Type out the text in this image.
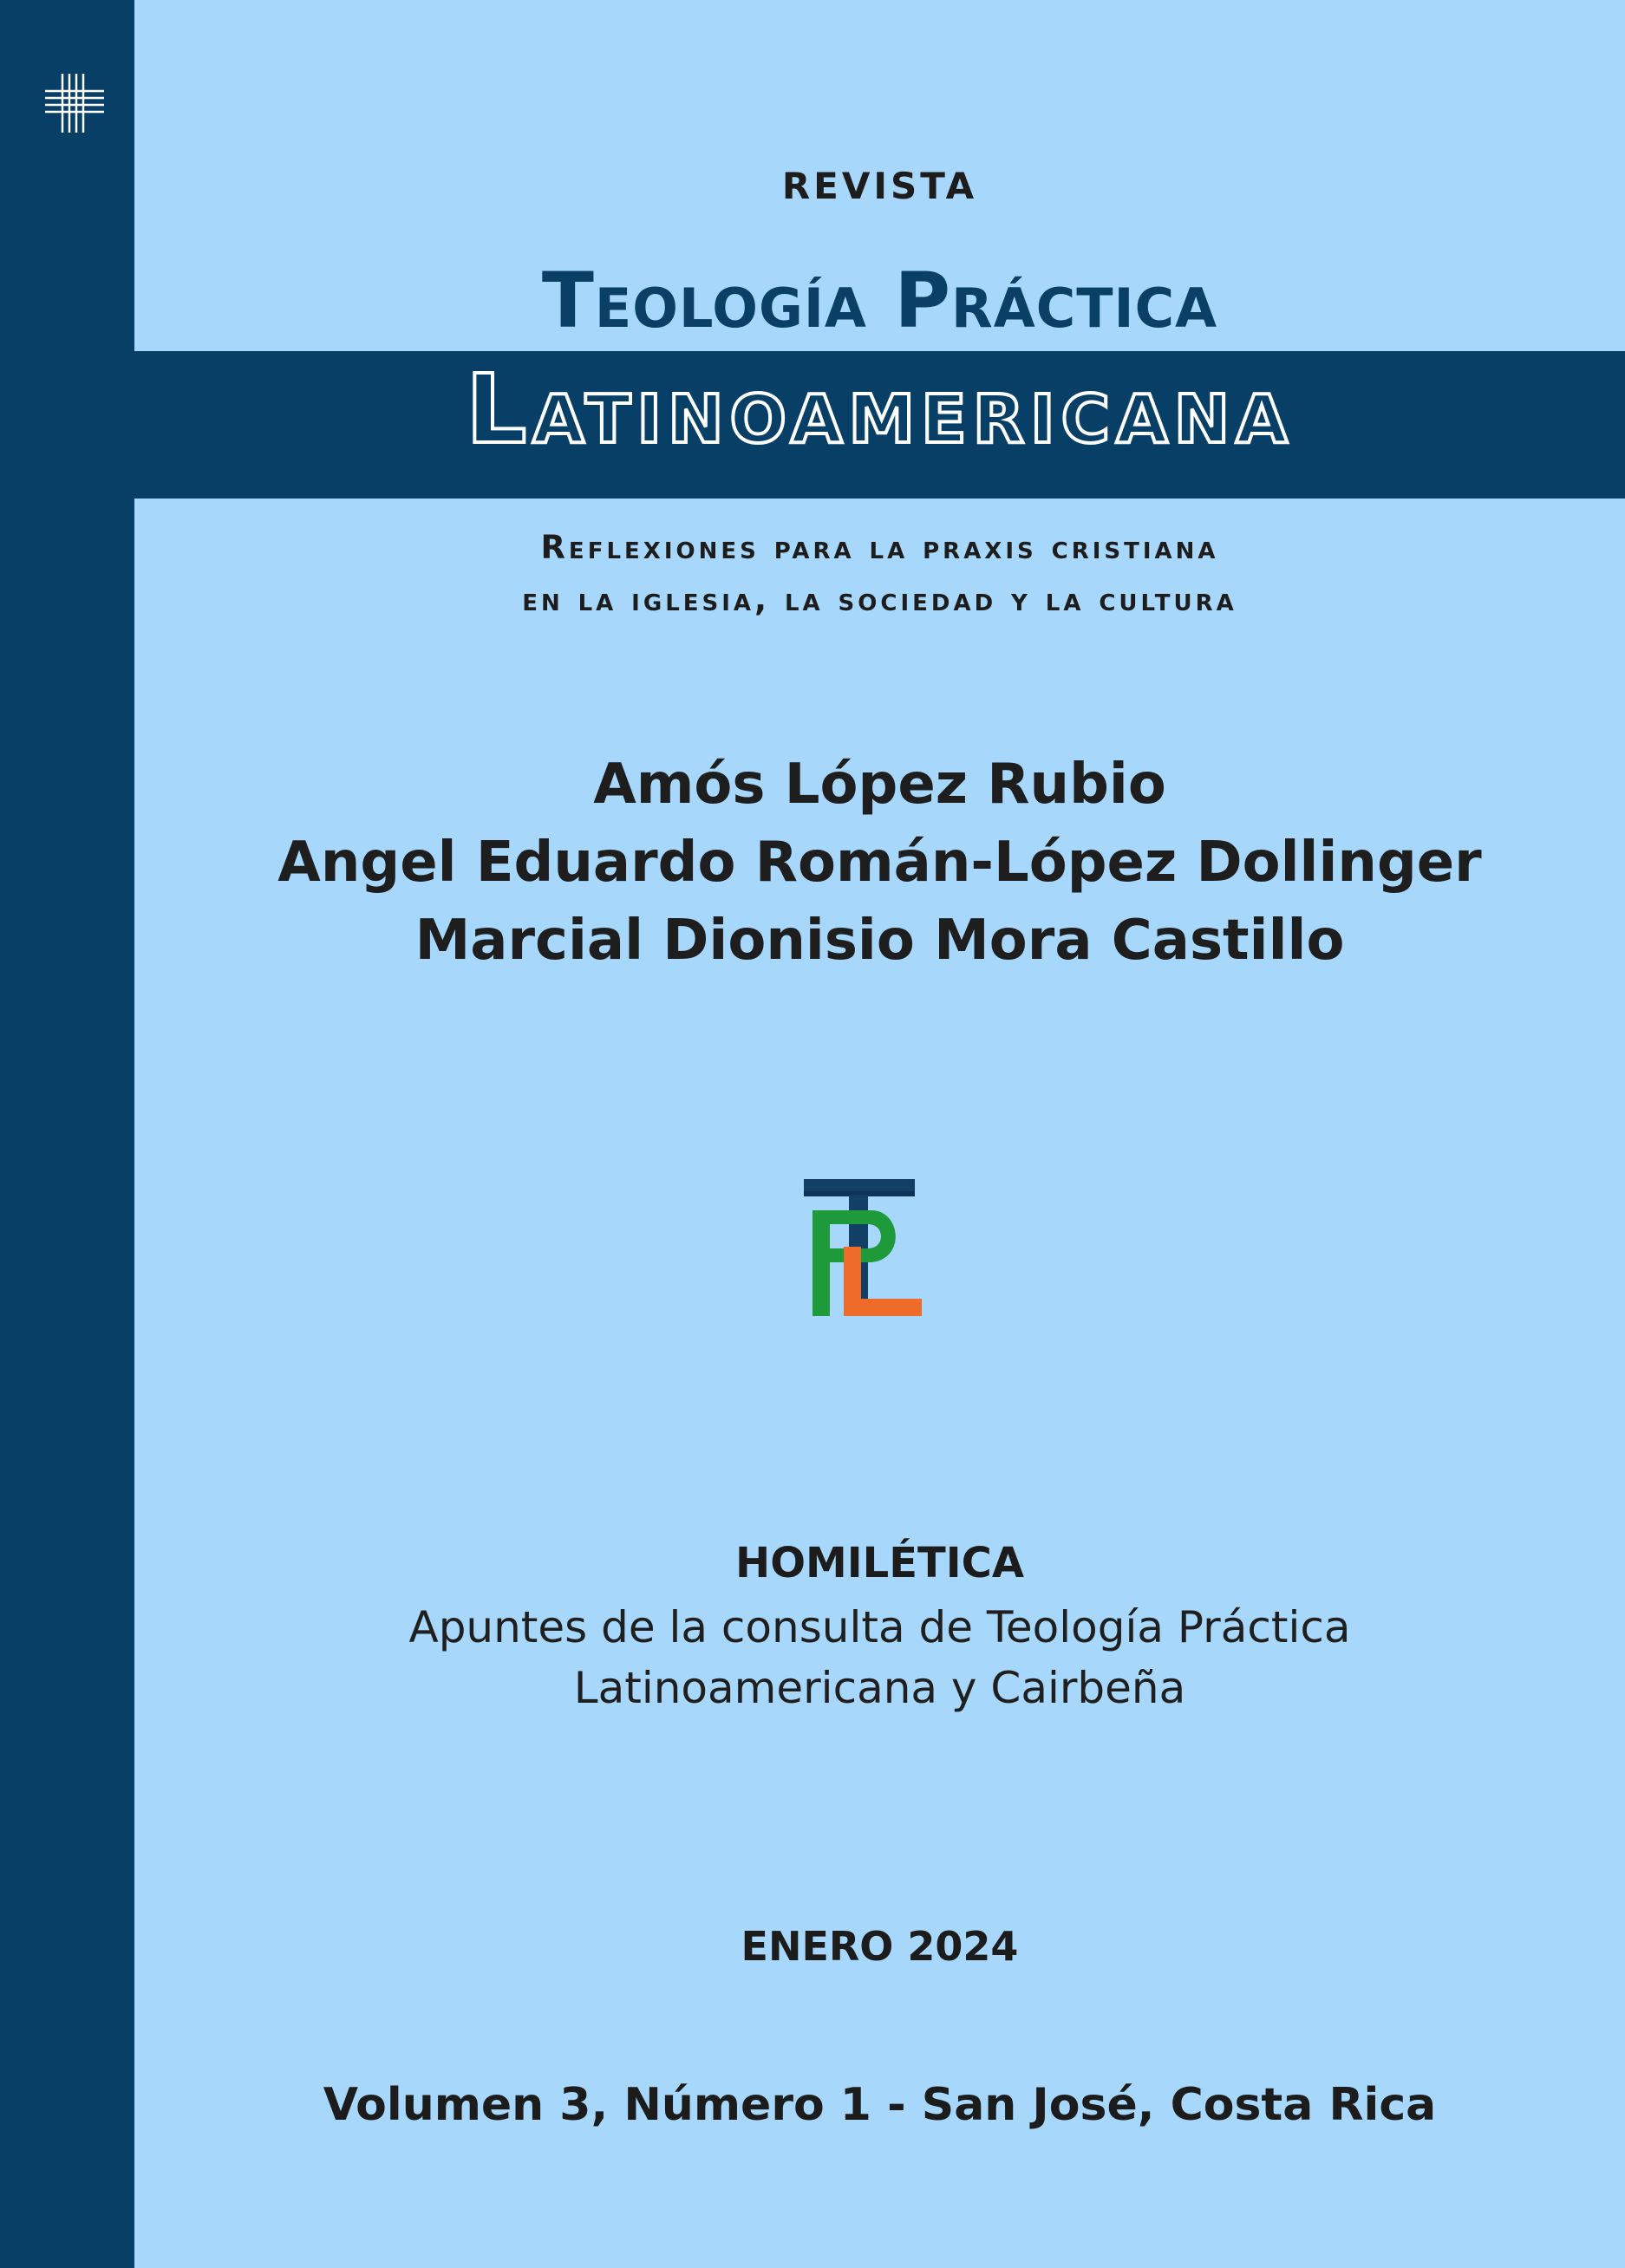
REVISTA
Teología Práctica
Latinoamericana
Reflexiones para la praxis cristiana
en la iglesia, la sociedad y la cultura
Amós López Rubio
Angel Eduardo Román-López Dollinger
Marcial Dionisio Mora Castillo
HOMILÉTICA
Apuntes de la consulta de Teología Práctica
Latinoamericana y Cairbeña
ENERO 2024
Volumen 3, Número 1 - San José, Costa Rica
